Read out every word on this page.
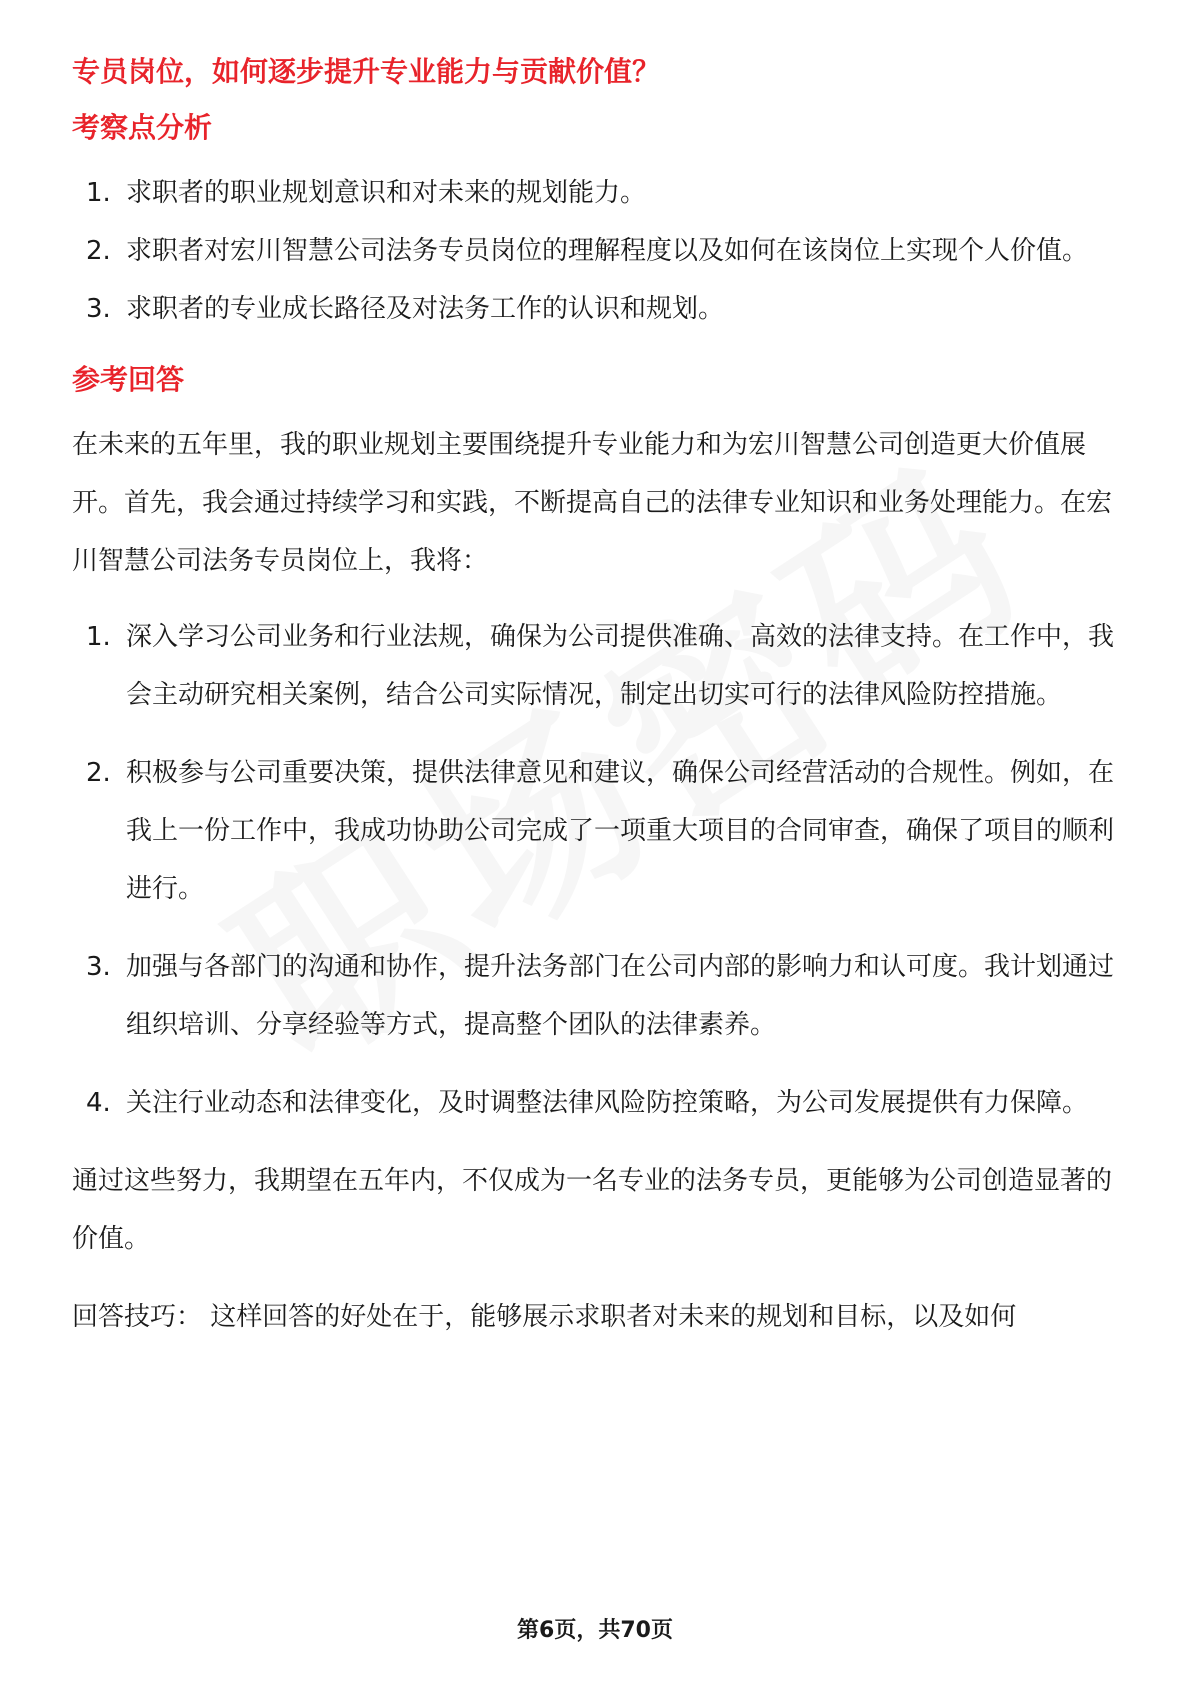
专员岗位，如何逐步提升专业能力与贡献价值？
考察点分析
1. 求职者的职业规划意识和对未来的规划能力。
2. 求职者对宏川智慧公司法务专员岗位的理解程度以及如何在该岗位上实现个人价值。
3. 求职者的专业成长路径及对法务工作的认识和规划。
参考回答

在未来的五年里，我的职业规划主要围绕提升专业能力和为宏川智慧公司创造更大价值展开。首先，我会通过持续学习和实践，不断提高自己的法律专业知识和业务处理能力。在宏川智慧公司法务专员岗位上，我将：

1. 深入学习公司业务和行业法规，确保为公司提供准确、高效的法律支持。在工作中，我会主动研究相关案例，结合公司实际情况，制定出切实可行的法律风险防控措施。
2. 积极参与公司重要决策，提供法律意见和建议，确保公司经营活动的合规性。例如，在我上一份工作中，我成功协助公司完成了一项重大项目的合同审查，确保了项目的顺利进行。
3. 加强与各部门的沟通和协作，提升法务部门在公司内部的影响力和认可度。我计划通过组织培训、分享经验等方式，提高整个团队的法律素养。
4. 关注行业动态和法律变化，及时调整法律风险防控策略，为公司发展提供有力保障。

通过这些努力，我期望在五年内，不仅成为一名专业的法务专员，更能够为公司创造显著的价值。

回答技巧： 这样回答的好处在于，能够展示求职者对未来的规划和目标，以及如何

第6页，共70页
